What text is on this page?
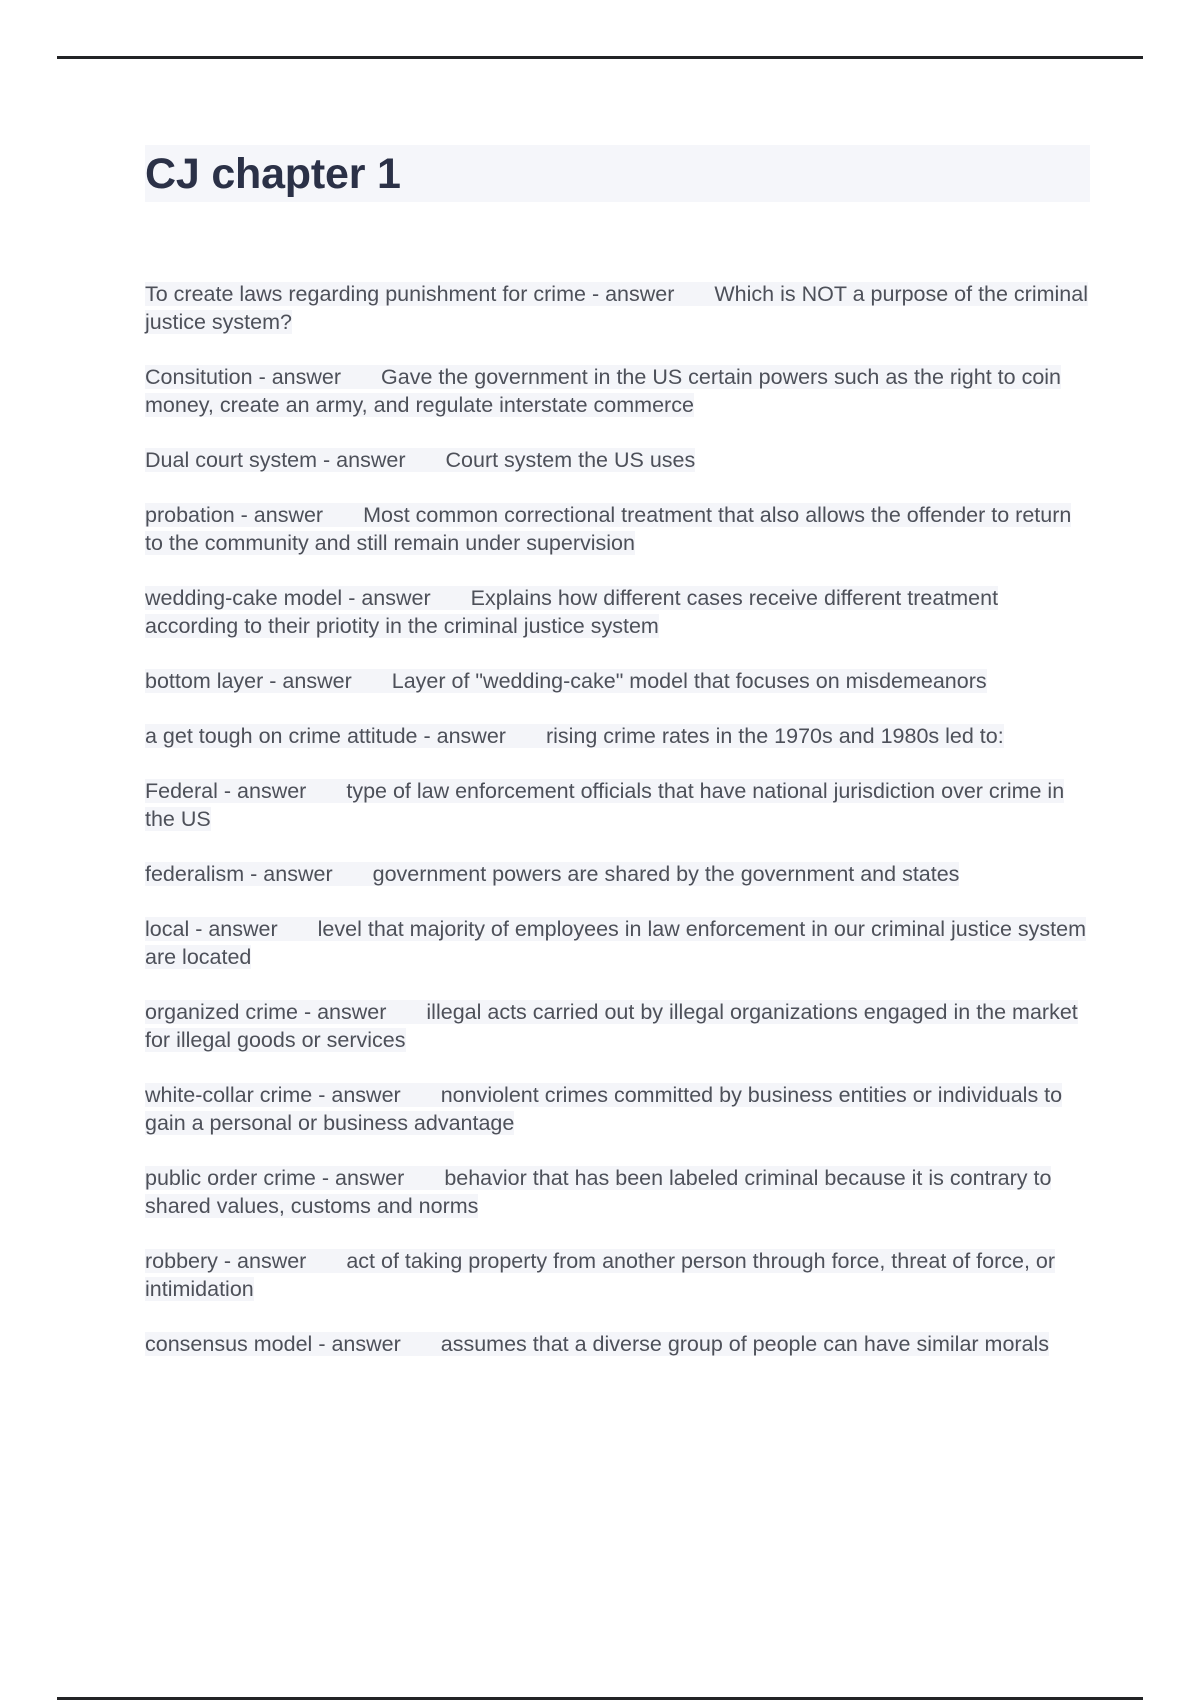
CJ chapter 1
To create laws regarding punishment for crime - answer Which is NOT a purpose of the criminal justice system?
Consitution - answer Gave the government in the US certain powers such as the right to coin money, create an army, and regulate interstate commerce
Dual court system - answer Court system the US uses
probation - answer Most common correctional treatment that also allows the offender to return to the community and still remain under supervision
wedding-cake model - answer Explains how different cases receive different treatment according to their priotity in the criminal justice system
bottom layer - answer Layer of "wedding-cake" model that focuses on misdemeanors
a get tough on crime attitude - answer rising crime rates in the 1970s and 1980s led to:
Federal - answer type of law enforcement officials that have national jurisdiction over crime in the US
federalism - answer government powers are shared by the government and states
local - answer level that majority of employees in law enforcement in our criminal justice system are located
organized crime - answer illegal acts carried out by illegal organizations engaged in the market for illegal goods or services
white-collar crime - answer nonviolent crimes committed by business entities or individuals to gain a personal or business advantage
public order crime - answer behavior that has been labeled criminal because it is contrary to shared values, customs and norms
robbery - answer act of taking property from another person through force, threat of force, or intimidation
consensus model - answer assumes that a diverse group of people can have similar morals
